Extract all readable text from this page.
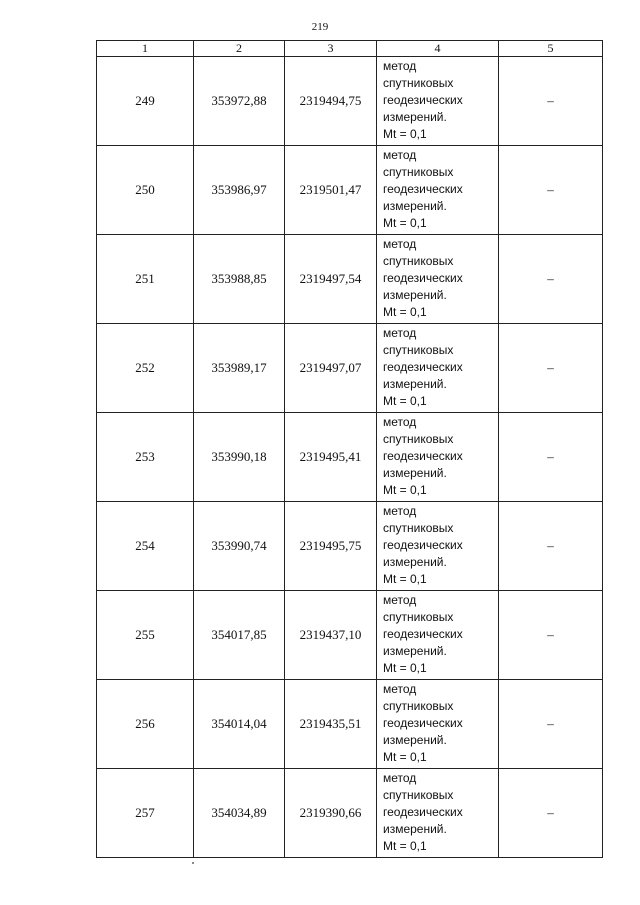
219
1	2	3	4	5
249	353972,88	2319494,75	метод
спутниковых
геодезических
измерений.
Mt = 0,1	–
250	353986,97	2319501,47	метод
спутниковых
геодезических
измерений.
Mt = 0,1	–
251	353988,85	2319497,54	метод
спутниковых
геодезических
измерений.
Mt = 0,1	–
252	353989,17	2319497,07	метод
спутниковых
геодезических
измерений.
Mt = 0,1	–
253	353990,18	2319495,41	метод
спутниковых
геодезических
измерений.
Mt = 0,1	–
254	353990,74	2319495,75	метод
спутниковых
геодезических
измерений.
Mt = 0,1	–
255	354017,85	2319437,10	метод
спутниковых
геодезических
измерений.
Mt = 0,1	–
256	354014,04	2319435,51	метод
спутниковых
геодезических
измерений.
Mt = 0,1	–
257	354034,89	2319390,66	метод
спутниковых
геодезических
измерений.
Mt = 0,1	–
